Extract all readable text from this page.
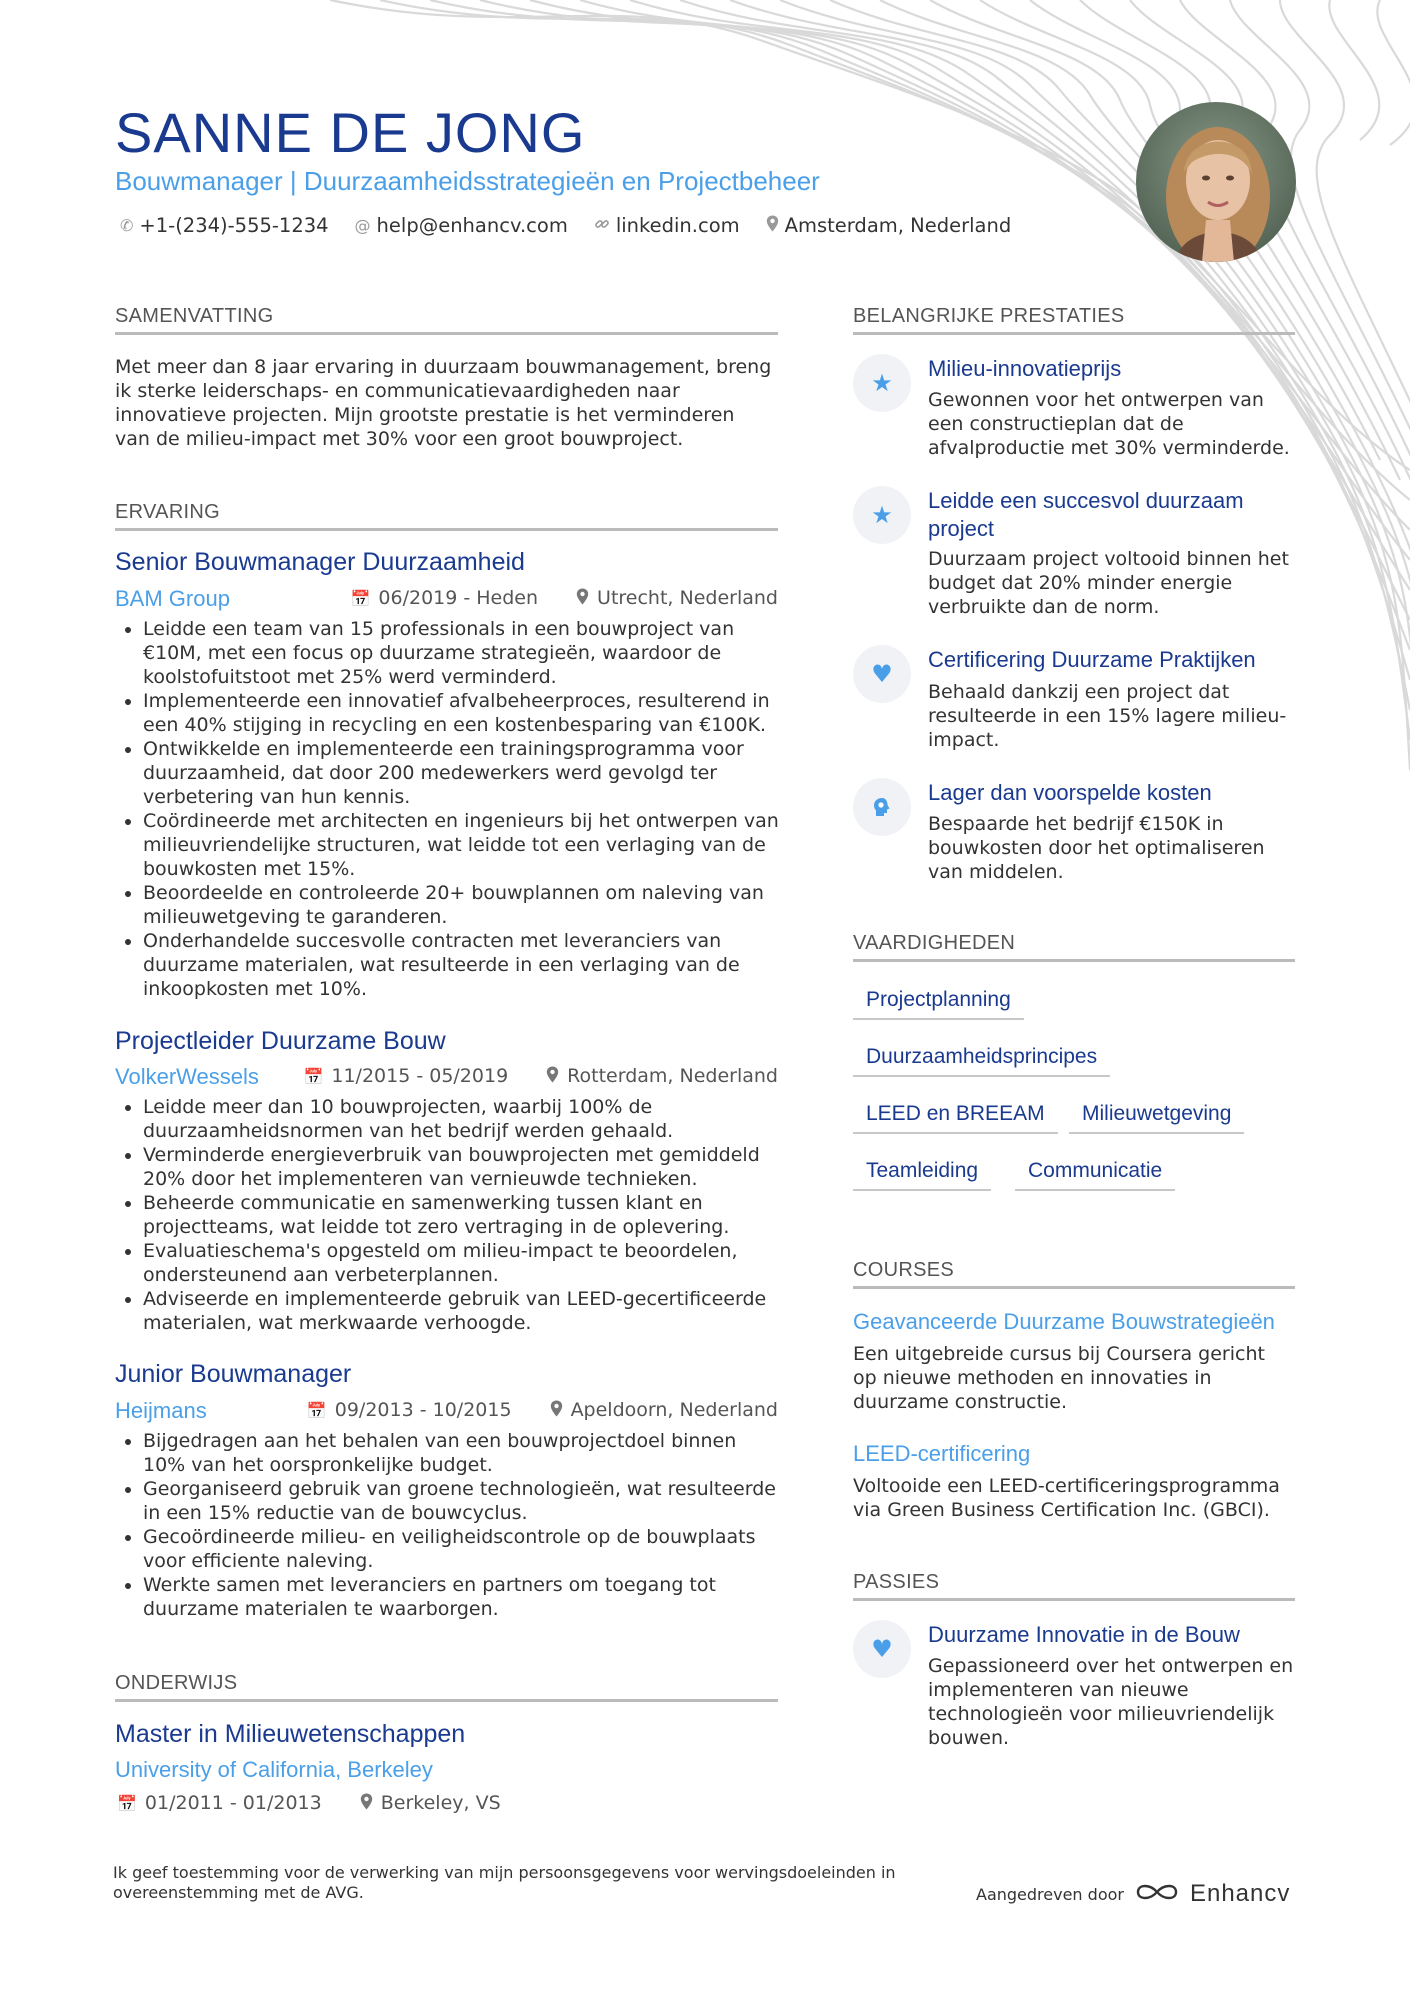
SANNE DE JONG
Bouwmanager | Duurzaamheidsstrategieën en Projectbeheer
✆ +1-(234)-555-1234 @ help@enhancv.com linkedin.com Amsterdam, Nederland
SAMENVATTING

Met meer dan 8 jaar ervaring in duurzaam bouwmanagement, breng ik sterke leiderschaps- en communicatievaardigheden naar innovatieve projecten. Mijn grootste prestatie is het verminderen van de milieu-impact met 30% voor een groot bouwproject.

ERVARING
Senior Bouwmanager Duurzaamheid
BAM Group	📅 06/2019 - Heden	Utrecht, Nederland
• Leidde een team van 15 professionals in een bouwproject van €10M, met een focus op duurzame strategieën, waardoor de koolstofuitstoot met 25% werd verminderd.
• Implementeerde een innovatief afvalbeheerproces, resulterend in een 40% stijging in recycling en een kostenbesparing van €100K.
• Ontwikkelde en implementeerde een trainingsprogramma voor duurzaamheid, dat door 200 medewerkers werd gevolgd ter verbetering van hun kennis.
• Coördineerde met architecten en ingenieurs bij het ontwerpen van milieuvriendelijke structuren, wat leidde tot een verlaging van de bouwkosten met 15%.
• Beoordeelde en controleerde 20+ bouwplannen om naleving van milieuwetgeving te garanderen.
• Onderhandelde succesvolle contracten met leveranciers van duurzame materialen, wat resulteerde in een verlaging van de inkoopkosten met 10%.
Projectleider Duurzame Bouw
VolkerWessels	📅 11/2015 - 05/2019	Rotterdam, Nederland
• Leidde meer dan 10 bouwprojecten, waarbij 100% de duurzaamheidsnormen van het bedrijf werden gehaald.
• Verminderde energieverbruik van bouwprojecten met gemiddeld 20% door het implementeren van vernieuwde technieken.
• Beheerde communicatie en samenwerking tussen klant en projectteams, wat leidde tot zero vertraging in de oplevering.
• Evaluatieschema's opgesteld om milieu-impact te beoordelen, ondersteunend aan verbeterplannen.
• Adviseerde en implementeerde gebruik van LEED-gecertificeerde materialen, wat merkwaarde verhoogde.
Junior Bouwmanager
Heijmans	📅 09/2013 - 10/2015	Apeldoorn, Nederland
• Bijgedragen aan het behalen van een bouwprojectdoel binnen 10% van het oorspronkelijke budget.
• Georganiseerd gebruik van groene technologieën, wat resulteerde in een 15% reductie van de bouwcyclus.
• Gecoördineerde milieu- en veiligheidscontrole op de bouwplaats voor efficiente naleving.
• Werkte samen met leveranciers en partners om toegang tot duurzame materialen te waarborgen.
ONDERWIJS
Master in Milieuwetenschappen
University of California, Berkeley
📅 01/2011 - 01/2013	Berkeley, VS
BELANGRIJKE PRESTATIES
★
Milieu-innovatieprijs

Gewonnen voor het ontwerpen van een constructieplan dat de afvalproductie met 30% verminderde.

★
Leidde een succesvol duurzaam project

Duurzaam project voltooid binnen het budget dat 20% minder energie verbruikte dan de norm.

♥
Certificering Duurzame Praktijken

Behaald dankzij een project dat resulteerde in een 15% lagere milieu-impact.

Lager dan voorspelde kosten

Bespaarde het bedrijf €150K in bouwkosten door het optimaliseren van middelen.

VAARDIGHEDEN
Projectplanning
Duurzaamheidsprincipes
LEED en BREEAM	Milieuwetgeving
Teamleiding	Communicatie
COURSES
Geavanceerde Duurzame Bouwstrategieën

Een uitgebreide cursus bij Coursera gericht op nieuwe methoden en innovaties in duurzame constructie.

LEED-certificering

Voltooide een LEED-certificeringsprogramma via Green Business Certification Inc. (GBCI).

PASSIES
♥
Duurzame Innovatie in de Bouw

Gepassioneerd over het ontwerpen en implementeren van nieuwe technologieën voor milieuvriendelijk bouwen.

Ik geef toestemming voor de verwerking van mijn persoonsgegevens voor wervingsdoeleinden in overeenstemming met de AVG.	Aangedreven door	Enhancv
